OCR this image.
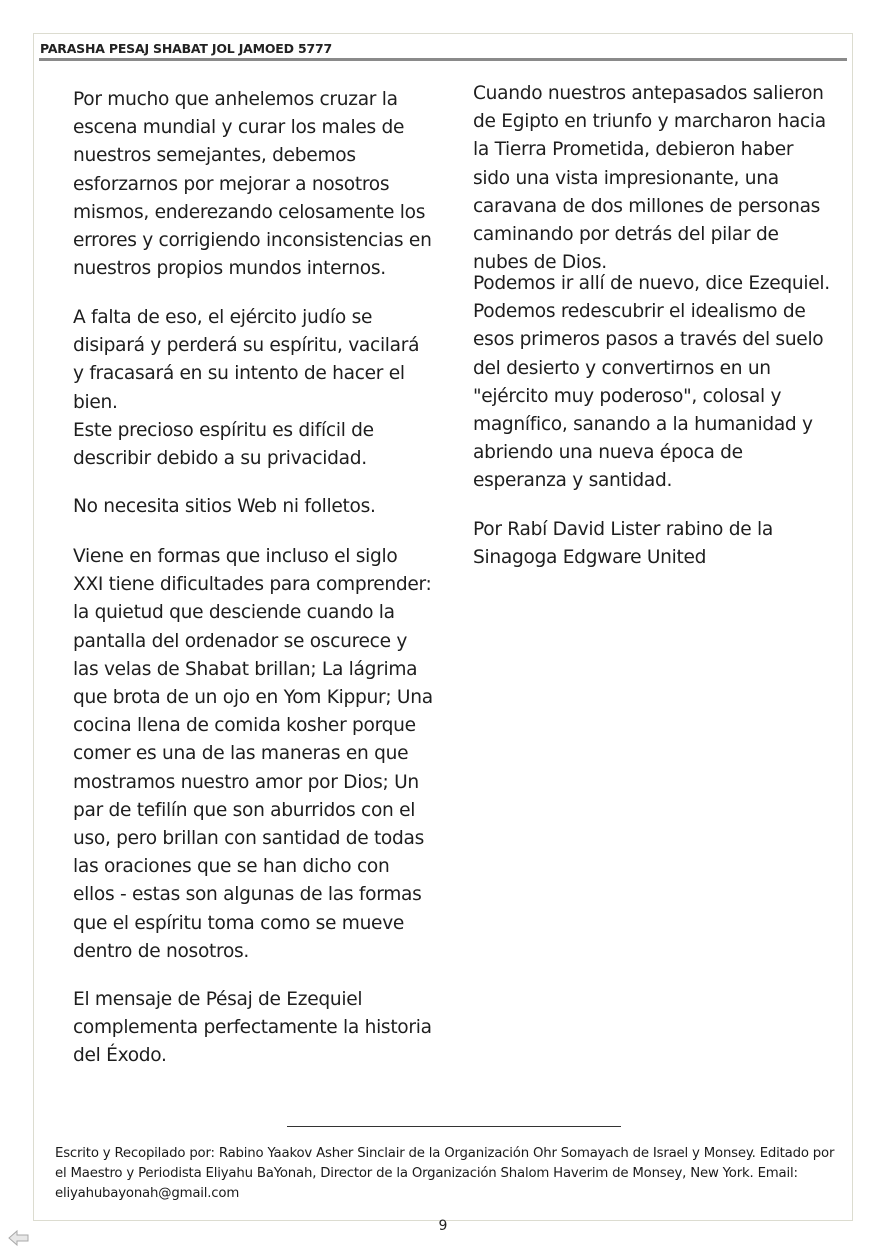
PARASHA PESAJ SHABAT JOL JAMOED 5777

Por mucho que anhelemos cruzar la escena mundial y curar los males de nuestros semejantes, debemos esforzarnos por mejorar a nosotros mismos, enderezando celosamente los errores y corrigiendo inconsistencias en nuestros propios mundos internos.

A falta de eso, el ejército judío se disipará y perderá su espíritu, vacilará y fracasará en su intento de hacer el bien.

Este precioso espíritu es difícil de describir debido a su privacidad.

No necesita sitios Web ni folletos.

Viene en formas que incluso el siglo XXI tiene dificultades para comprender: la quietud que desciende cuando la pantalla del ordenador se oscurece y las velas de Shabat brillan; La lágrima que brota de un ojo en Yom Kippur; Una cocina llena de comida kosher porque comer es una de las maneras en que mostramos nuestro amor por Dios; Un par de tefilín que son aburridos con el uso, pero brillan con santidad de todas las oraciones que se han dicho con ellos - estas son algunas de las formas que el espíritu toma como se mueve dentro de nosotros.

El mensaje de Pésaj de Ezequiel complementa perfectamente la historia del Éxodo.

Cuando nuestros antepasados salieron de Egipto en triunfo y marcharon hacia la Tierra Prometida, debieron haber sido una vista impresionante, una caravana de dos millones de personas caminando por detrás del pilar de nubes de Dios.

Podemos ir allí de nuevo, dice Ezequiel. Podemos redescubrir el idealismo de esos primeros pasos a través del suelo del desierto y convertirnos en un "ejército muy poderoso", colosal y magnífico, sanando a la humanidad y abriendo una nueva época de esperanza y santidad.

Por Rabí David Lister rabino de la Sinagoga Edgware United

Escrito y Recopilado por: Rabino Yaakov Asher Sinclair de la Organización Ohr Somayach de Israel y Monsey. Editado por el Maestro y Periodista Eliyahu BaYonah, Director de la Organización Shalom Haverim de Monsey, New York. Email: eliyahubayonah@gmail.com
9
